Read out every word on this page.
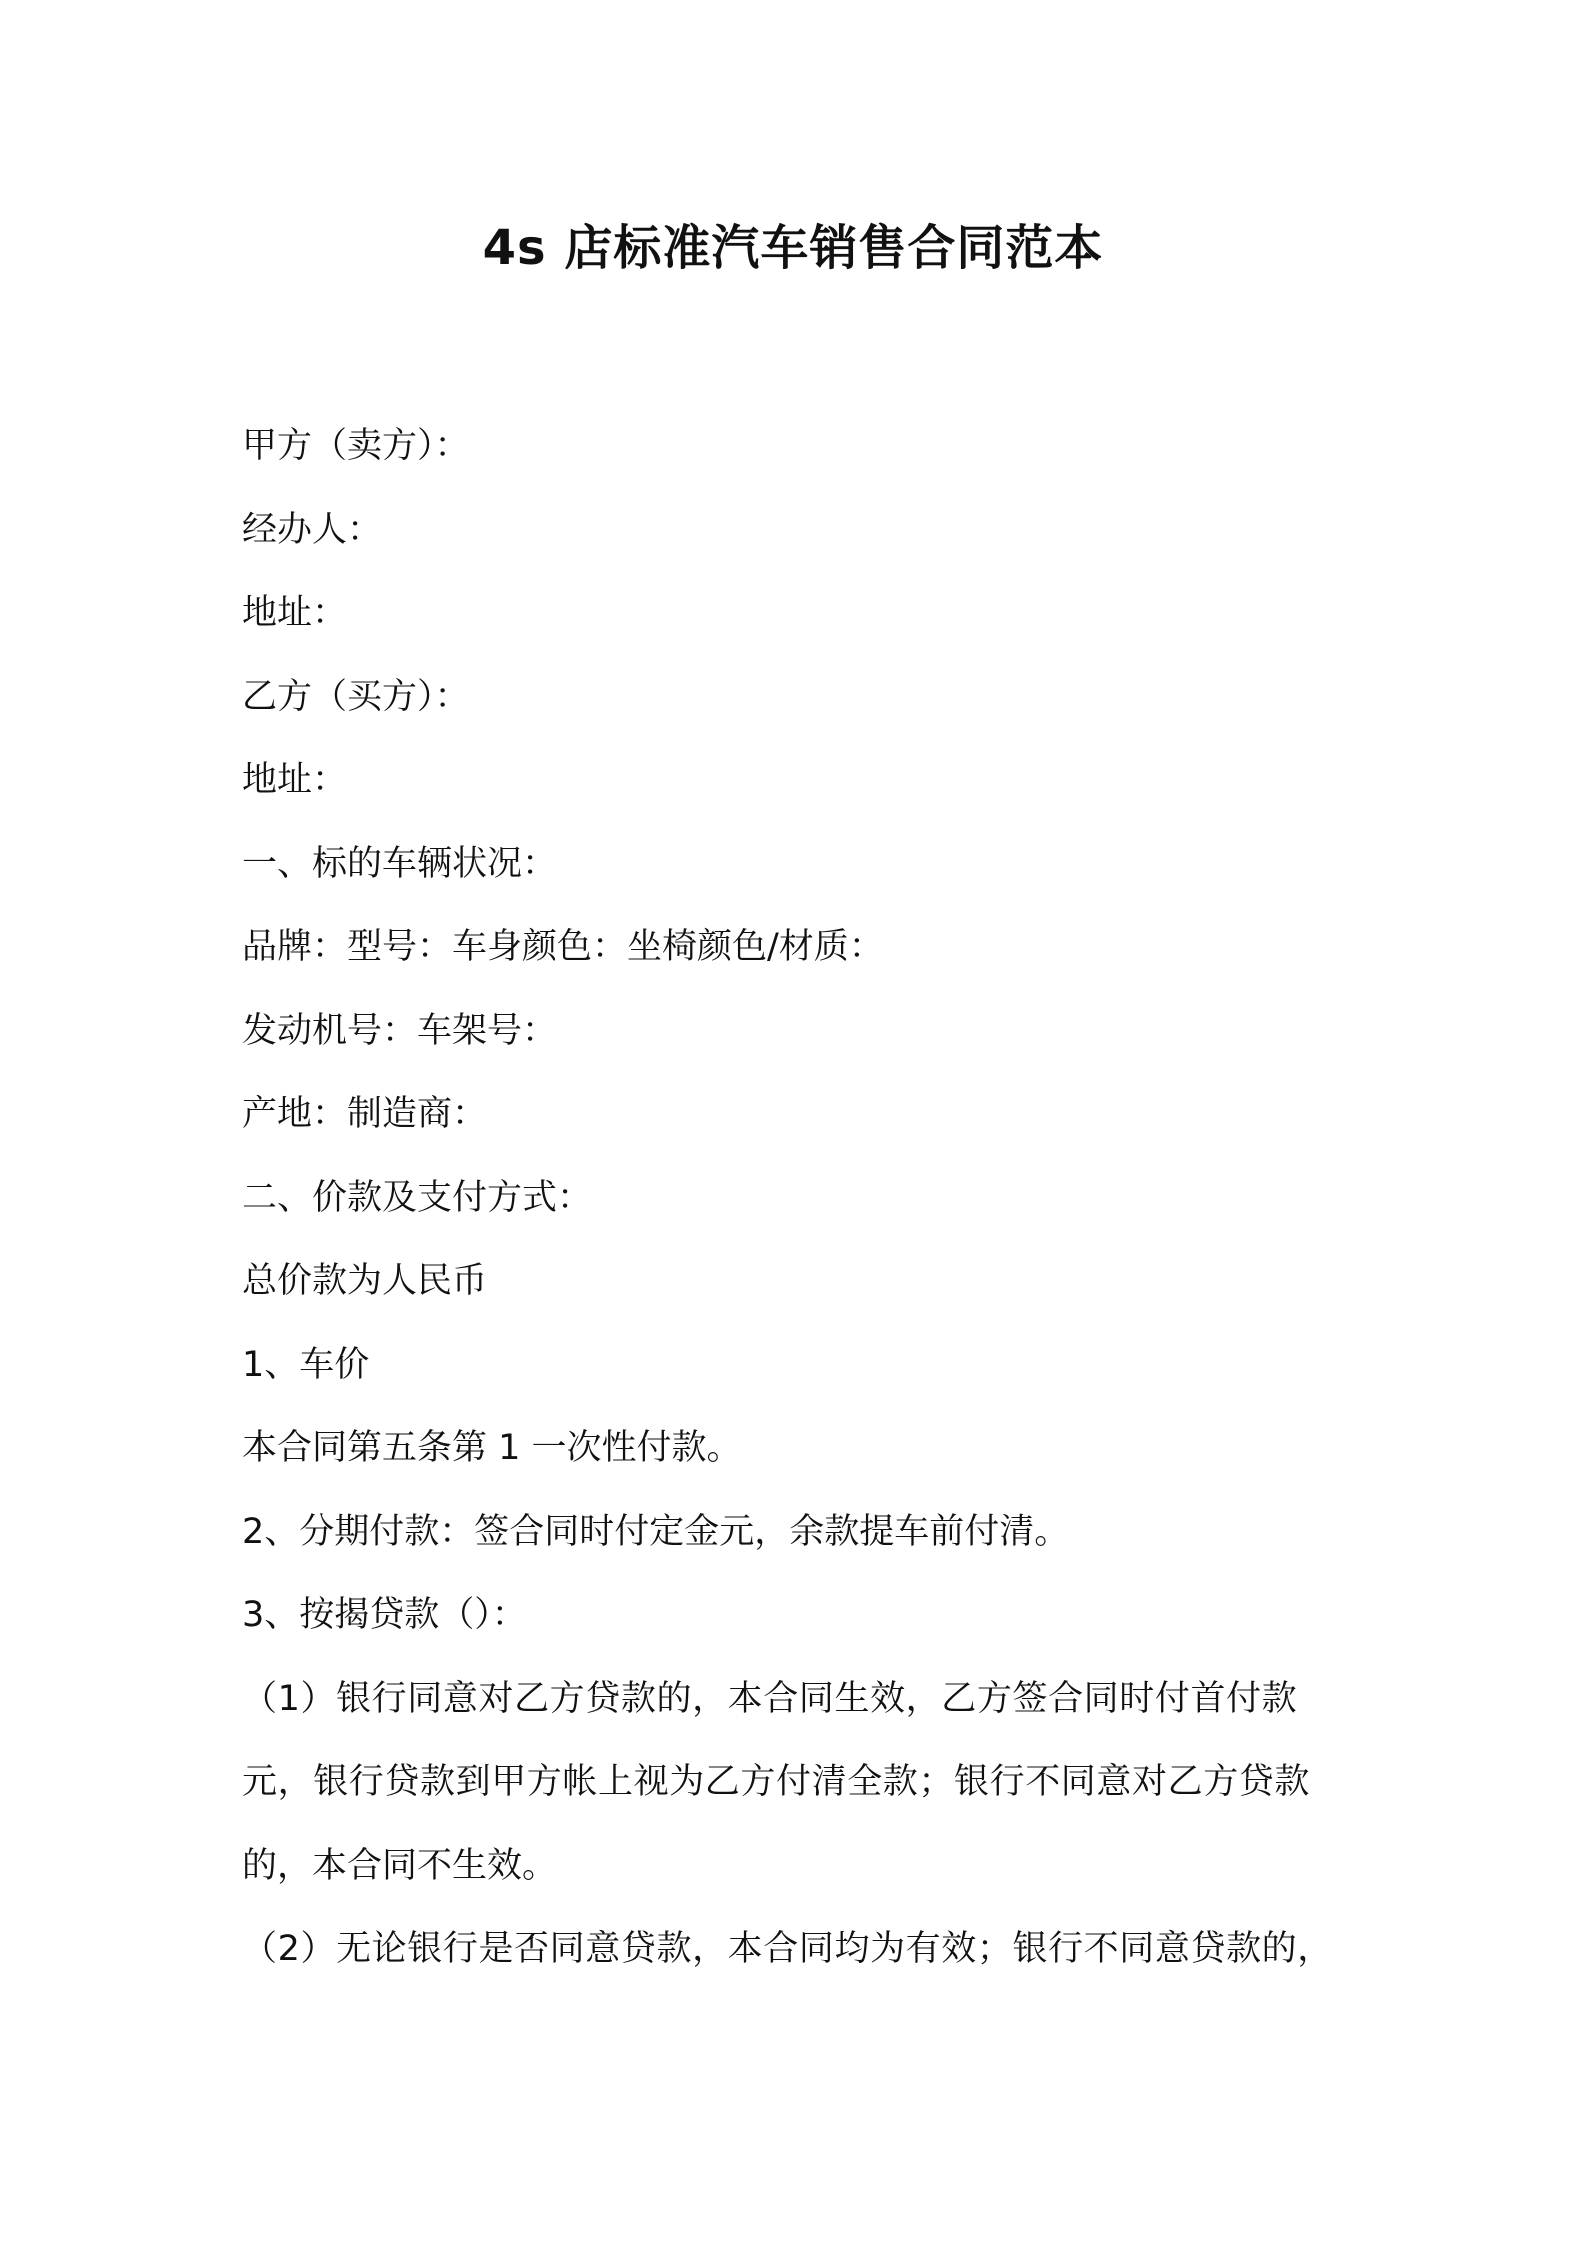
4s 店标准汽车销售合同范本

甲方（卖方）：

经办人：

地址：

乙方（买方）：

地址：

一、标的车辆状况：

品牌：型号：车身颜色：坐椅颜色/材质：

发动机号：车架号：

产地：制造商：

二、价款及支付方式：

总价款为人民币

1、车价

本合同第五条第 1 一次性付款。

2、分期付款：签合同时付定金元，余款提车前付清。

3、按揭贷款（）：

（1）银行同意对乙方贷款的，本合同生效，乙方签合同时付首付款

元，银行贷款到甲方帐上视为乙方付清全款；银行不同意对乙方贷款

的，本合同不生效。

（2）无论银行是否同意贷款，本合同均为有效；银行不同意贷款的，
